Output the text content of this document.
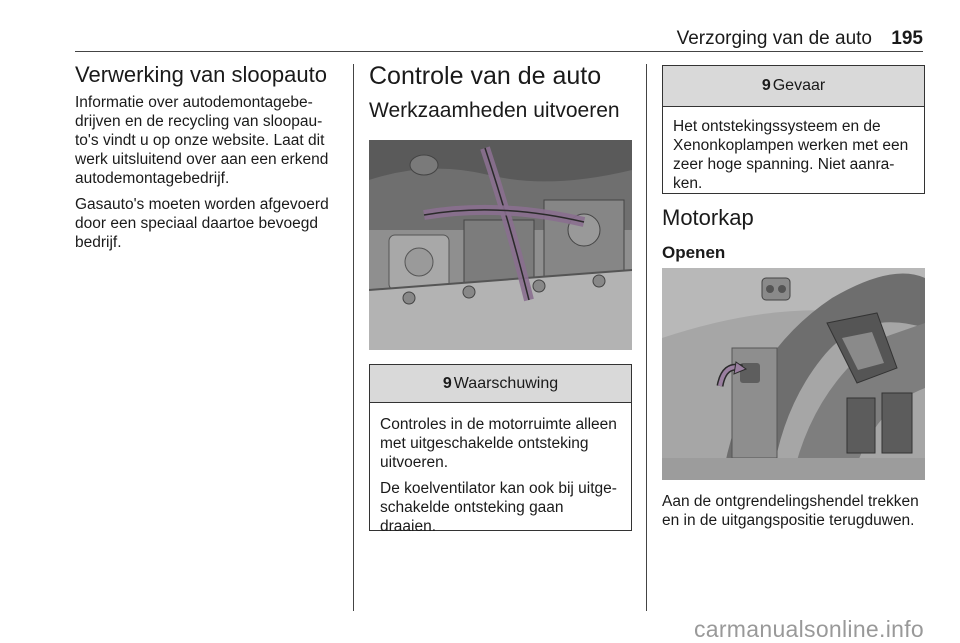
Verzorging van de auto 195
Verwerking van sloopauto

Informatie over autodemontagebe-

drijven en de recycling van sloopau-

to's vindt u op onze website. Laat dit

werk uitsluitend over aan een erkend

autodemontagebedrijf.

Gasauto's moeten worden afgevoerd

door een speciaal daartoe bevoegd

bedrijf.

Controle van de auto
Werkzaamheden uitvoeren
9 Waarschuwing

Controles in de motorruimte alleen

met uitgeschakelde ontsteking

uitvoeren.

De koelventilator kan ook bij uitge-

schakelde ontsteking gaan

draaien.

9 Gevaar

Het ontstekingssysteem en de

Xenonkoplampen werken met een

zeer hoge spanning. Niet aanra-

ken.

Motorkap
Openen

Aan de ontgrendelingshendel trekken

en in de uitgangspositie terugduwen.

carmanualsonline.info
